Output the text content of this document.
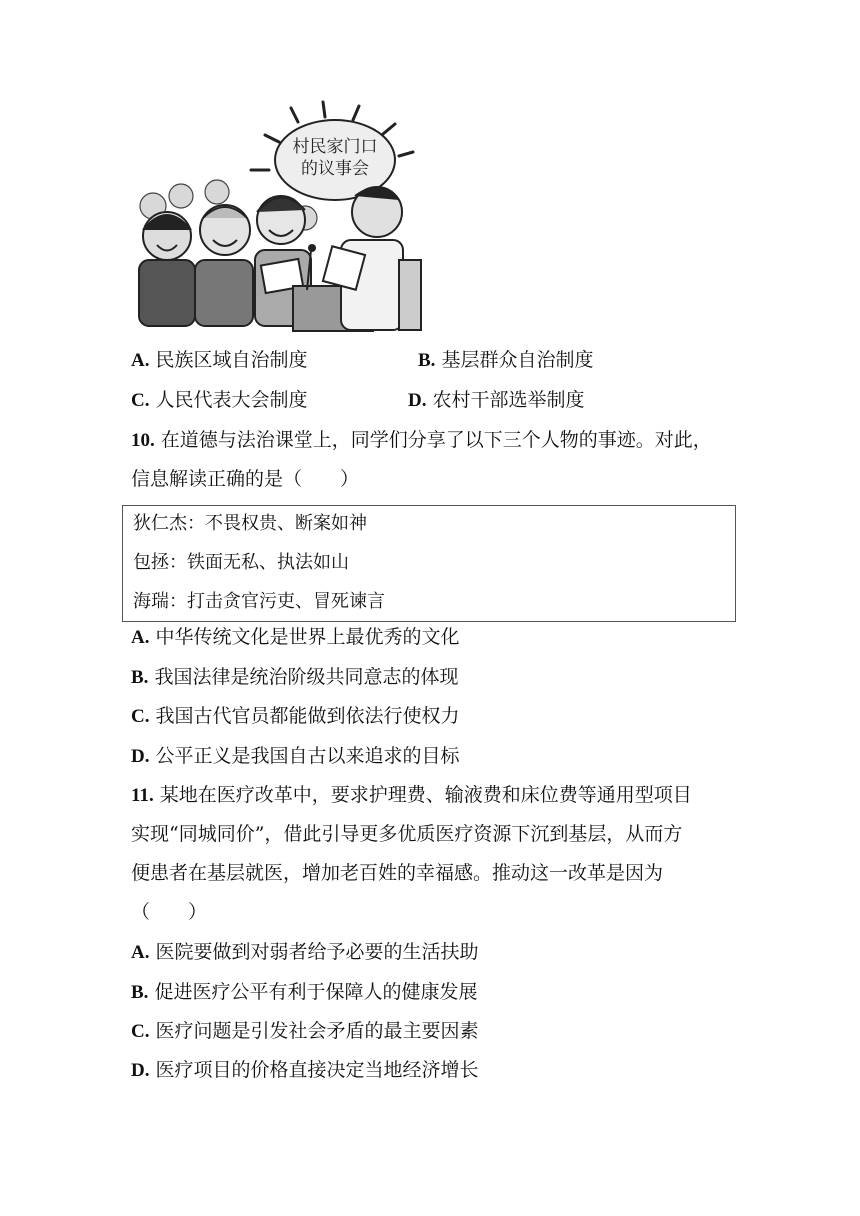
村民家门口
的议事会
A. 民族区域自治制度	B. 基层群众自治制度
C. 人民代表大会制度	D. 农村干部选举制度
10. 在道德与法治课堂上，同学们分享了以下三个人物的事迹。对此，
信息解读正确的是（　　）
狄仁杰：不畏权贵、断案如神
包拯：铁面无私、执法如山
海瑞：打击贪官污吏、冒死谏言
A. 中华传统文化是世界上最优秀的文化
B. 我国法律是统治阶级共同意志的体现
C. 我国古代官员都能做到依法行使权力
D. 公平正义是我国自古以来追求的目标
11. 某地在医疗改革中，要求护理费、输液费和床位费等通用型项目
实现“同城同价”，借此引导更多优质医疗资源下沉到基层，从而方
便患者在基层就医，增加老百姓的幸福感。推动这一改革是因为
（　　）
A. 医院要做到对弱者给予必要的生活扶助
B. 促进医疗公平有利于保障人的健康发展
C. 医疗问题是引发社会矛盾的最主要因素
D. 医疗项目的价格直接决定当地经济增长
